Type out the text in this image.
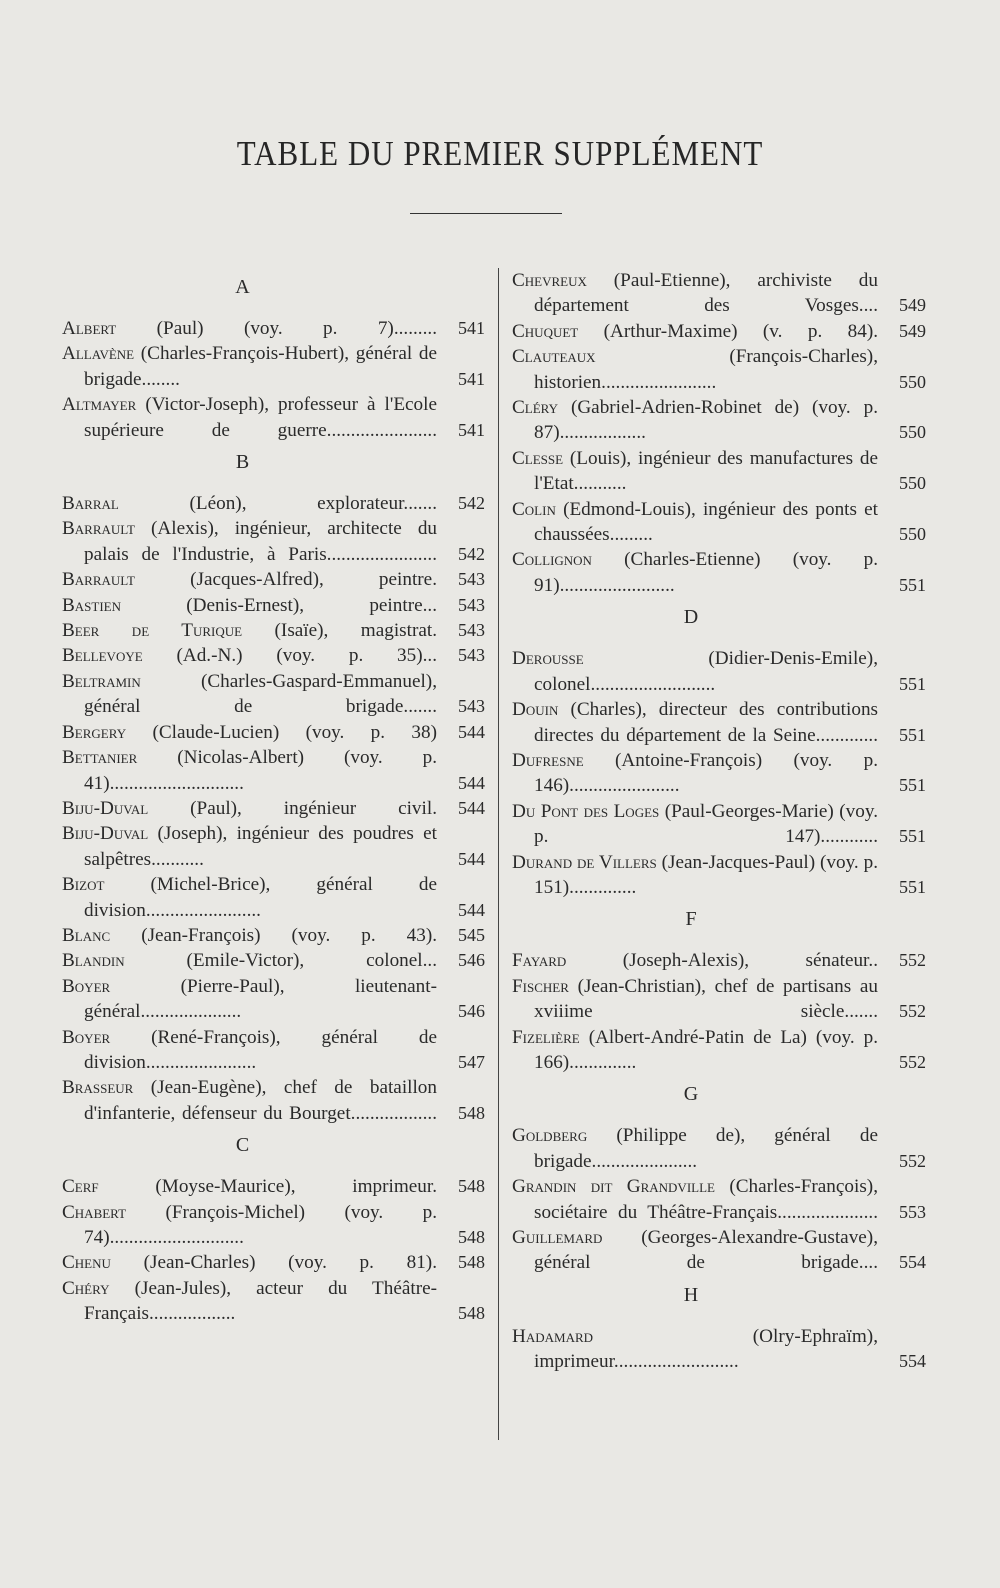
TABLE DU PREMIER SUPPLÉMENT
A
Albert (Paul) (voy. p. 7).........	541
Allavène (Charles-François-Hubert), général de brigade........	541
Altmayer (Victor-Joseph), professeur à l'Ecole supérieure de guerre.......................	541
B
Barral	(Léon), explorateur.......	542
Barrault (Alexis), ingénieur, architecte du palais de l'Industrie, à Paris.......................	542
Barrault	(Jacques-Alfred), peintre.	543
Bastien	(Denis-Ernest), peintre...	543
Beer de Turique (Isaïe), magistrat.	543
Bellevoye (Ad.-N.) (voy. p. 35)...	543
Beltramin	(Charles-Gaspard-Emmanuel), général de brigade.......	543
Bergery (Claude-Lucien) (voy. p. 38)	544
Bettanier (Nicolas-Albert) (voy. p. 41)............................	544
Biju-Duval (Paul), ingénieur civil.	544
Biju-Duval (Joseph), ingénieur des poudres et salpêtres...........	544
Bizot (Michel-Brice), général de division........................	544
Blanc (Jean-François) (voy. p. 43).	545
Blandin	(Emile-Victor), colonel...	546
Boyer	(Pierre-Paul), lieutenant-général.....................	546
Boyer (René-François), général de division.......................	547
Brasseur (Jean-Eugène), chef de bataillon d'infanterie, défenseur du Bourget..................	548
C
Cerf	(Moyse-Maurice), imprimeur.	548
Chabert (François-Michel) (voy. p. 74)............................	548
Chenu (Jean-Charles) (voy. p. 81).	548
Chéry (Jean-Jules), acteur du Théâtre-Français..................	548
Chevreux (Paul-Etienne), archiviste du département des Vosges....	549
Chuquet (Arthur-Maxime) (v. p. 84).	549
Clauteaux	(François-Charles), historien........................	550
Cléry (Gabriel-Adrien-Robinet de) (voy. p. 87)..................	550
Clesse (Louis), ingénieur des manufactures de l'Etat...........	550
Colin (Edmond-Louis), ingénieur des ponts et chaussées.........	550
Collignon (Charles-Etienne) (voy. p. 91)........................	551
D
Derousse	(Didier-Denis-Emile), colonel..........................	551
Douin (Charles), directeur des contributions directes du département de la Seine.............	551
Dufresne (Antoine-François) (voy. p. 146).......................	551
Du Pont des Loges (Paul-Georges-Marie) (voy. p. 147)............	551
Durand de Villers (Jean-Jacques-Paul) (voy. p. 151)..............	551
F
Fayard	(Joseph-Alexis), sénateur..	552
Fischer (Jean-Christian), chef de partisans au xviiime siècle.......	552
Fizelière (Albert-André-Patin de La) (voy. p. 166)..............	552
G
Goldberg (Philippe de), général de brigade......................	552
Grandin dit Grandville (Charles-François), sociétaire du Théâtre-Français.....................	553
Guillemard (Georges-Alexandre-Gustave), général de brigade....	554
H
Hadamard	(Olry-Ephraïm), imprimeur..........................	554
